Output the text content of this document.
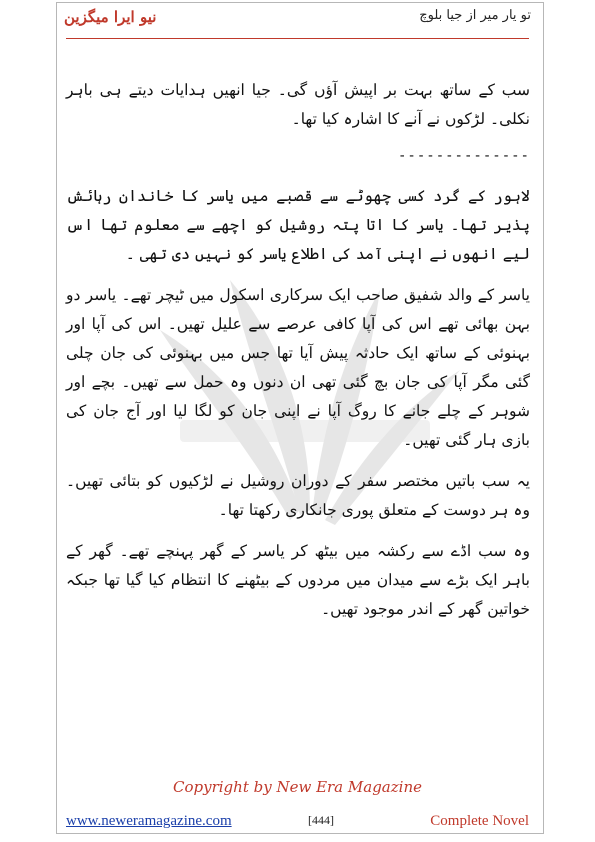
نیو ایرا میگزین	تو یار میر از جیا بلوچ

سب کے ساتھ بہت بر اپیش آؤں گی۔ جیا انھیں ہدایات دیتے ہی باہر نکلی۔ لڑکوں نے آنے کا اشارہ کیا تھا۔

--------------

لاہور کے گرد کسی چھوٹے سے قصبے میں یاسر کا خاندان رہائش پذیر تھا۔ یاسر کا اتا پتہ روشیل کو اچھے سے معلوم تھا اس لیے انھوں نے اپنی آمد کی اطلاع یاسر کو نہیں دی تھی ۔

یاسر کے والد شفیق صاحب ایک سرکاری اسکول میں ٹیچر تھے۔ یاسر دو بہن بھائی تھے اس کی آپا کافی عرصے سے علیل تھیں۔ اس کی آپا اور بہنوئی کے ساتھ ایک حادثہ پیش آیا تھا جس میں بہنوئی کی جان چلی گئی مگر آپا کی جان بچ گئی تھی ان دنوں وہ حمل سے تھیں۔ بچے اور شوہر کے چلے جانے کا روگ آپا نے اپنی جان کو لگا لیا اور آج جان کی بازی ہار گئی تھیں۔

یہ سب باتیں مختصر سفر کے دوران روشیل نے لڑکیوں کو بتائی تھیں۔ وہ ہر دوست کے متعلق پوری جانکاری رکھتا تھا۔

وہ سب اڈے سے رکشہ میں بیٹھ کر یاسر کے گھر پہنچے تھے۔ گھر کے باہر ایک بڑے سے میدان میں مردوں کے بیٹھنے کا انتظام کیا گیا تھا جبکہ خواتین گھر کے اندر موجود تھیں۔

Copyright by New Era Magazine
www.neweramagazine.com	[444]	Complete Novel
